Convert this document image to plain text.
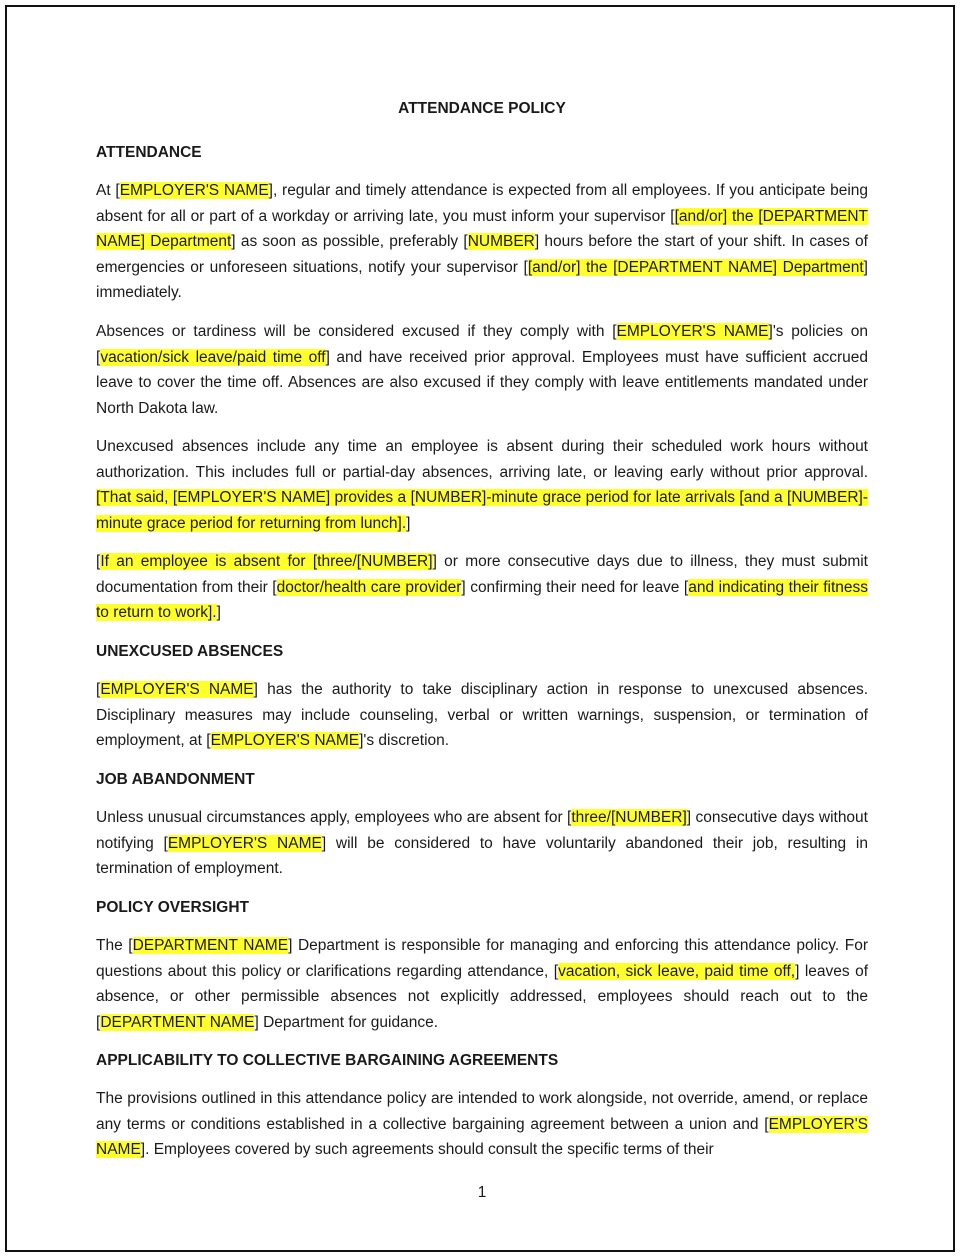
ATTENDANCE POLICY
ATTENDANCE

At [EMPLOYER'S NAME], regular and timely attendance is expected from all employees. If you anticipate being absent for all or part of a workday or arriving late, you must inform your supervisor [[and/or] the [DEPARTMENT NAME] Department] as soon as possible, preferably [NUMBER] hours before the start of your shift. In cases of emergencies or unforeseen situations, notify your supervisor [[and/or] the [DEPARTMENT NAME] Department] immediately.

Absences or tardiness will be considered excused if they comply with [EMPLOYER'S NAME]'s policies on [vacation/sick leave/paid time off] and have received prior approval. Employees must have sufficient accrued leave to cover the time off. Absences are also excused if they comply with leave entitlements mandated under North Dakota law.

Unexcused absences include any time an employee is absent during their scheduled work hours without authorization. This includes full or partial-day absences, arriving late, or leaving early without prior approval. [That said, [EMPLOYER'S NAME] provides a [NUMBER]-minute grace period for late arrivals [and a [NUMBER]-minute grace period for returning from lunch].]

[If an employee is absent for [three/[NUMBER]] or more consecutive days due to illness, they must submit documentation from their [doctor/health care provider] confirming their need for leave [and indicating their fitness to return to work].]

UNEXCUSED ABSENCES

[EMPLOYER'S NAME] has the authority to take disciplinary action in response to unexcused absences. Disciplinary measures may include counseling, verbal or written warnings, suspension, or termination of employment, at [EMPLOYER'S NAME]'s discretion.

JOB ABANDONMENT

Unless unusual circumstances apply, employees who are absent for [three/[NUMBER]] consecutive days without notifying [EMPLOYER'S NAME] will be considered to have voluntarily abandoned their job, resulting in termination of employment.

POLICY OVERSIGHT

The [DEPARTMENT NAME] Department is responsible for managing and enforcing this attendance policy. For questions about this policy or clarifications regarding attendance, [vacation, sick leave, paid time off,] leaves of absence, or other permissible absences not explicitly addressed, employees should reach out to the [DEPARTMENT NAME] Department for guidance.

APPLICABILITY TO COLLECTIVE BARGAINING AGREEMENTS

The provisions outlined in this attendance policy are intended to work alongside, not override, amend, or replace any terms or conditions established in a collective bargaining agreement between a union and [EMPLOYER'S NAME]. Employees covered by such agreements should consult the specific terms of their

1
